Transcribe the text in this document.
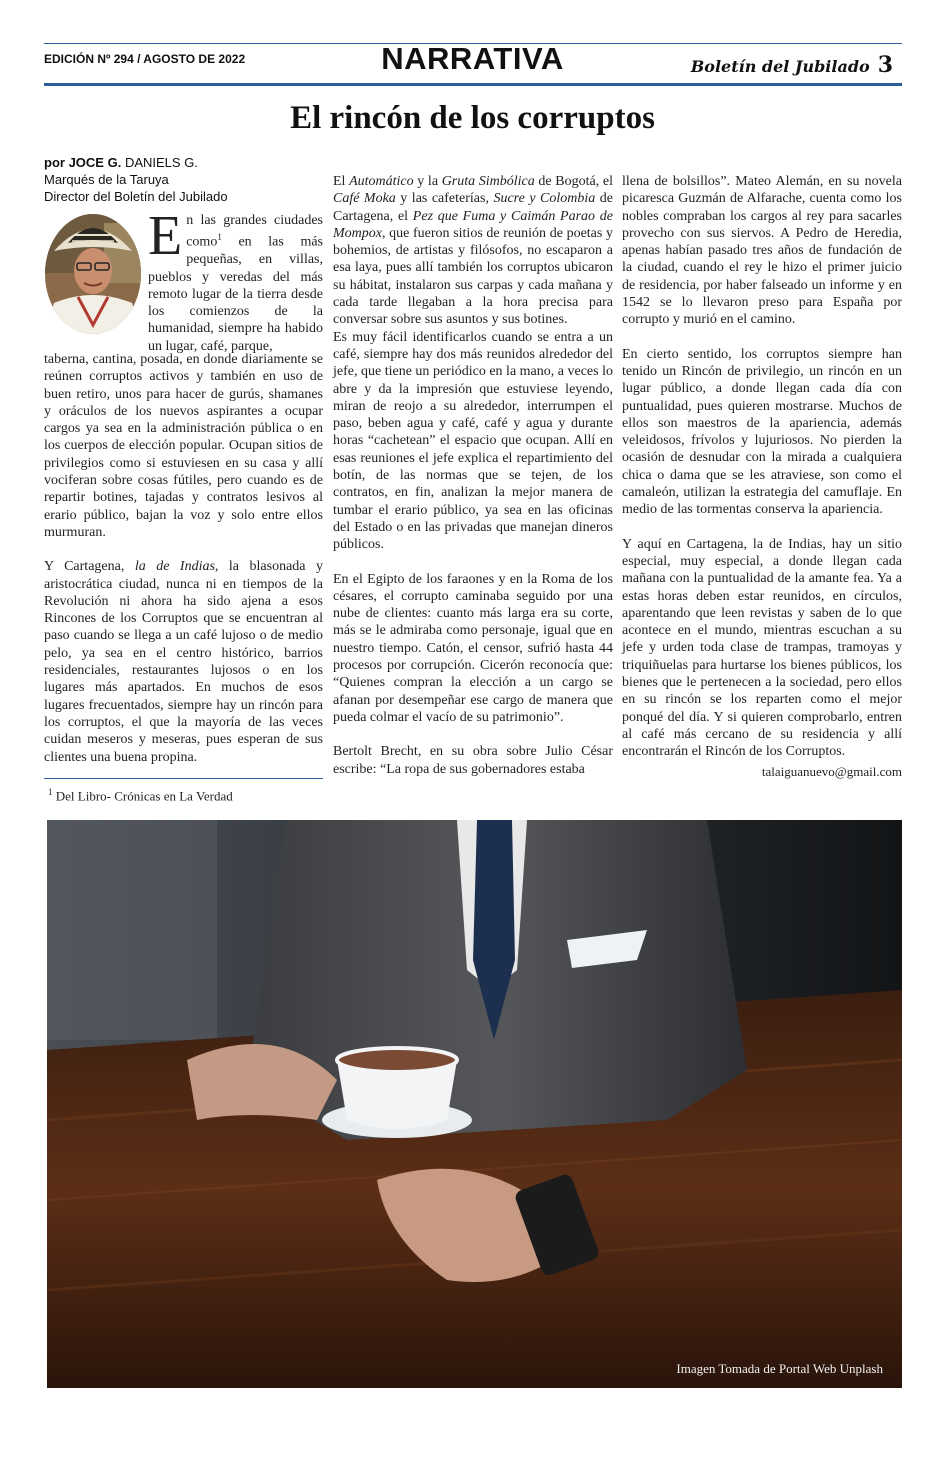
EDICIÓN Nº 294 / AGOSTO DE 2022	NARRATIVA	Boletín del Jubilado 3
El rincón de los corruptos
por JOCE G. DANIELS G.
Marqués de la Taruya
Director del Boletín del Jubilado

En las grandes ciudades como$^1$ en las más pequeñas, en villas, pueblos y veredas del más remoto lugar de la tierra desde los comienzos de la humanidad, siempre ha habido un lugar, café, parque,

taberna, cantina, posada, en donde diariamente se reúnen corruptos activos y también en uso de buen retiro, unos para hacer de gurús, shamanes y oráculos de los nuevos aspirantes a ocupar cargos ya sea en la administración pública o en los cuerpos de elección popular. Ocupan sitios de privilegios como si estuviesen en su casa y allí vociferan sobre cosas fútiles, pero cuando es de repartir botines, tajadas y contratos lesivos al erario público, bajan la voz y solo entre ellos murmuran.

Y Cartagena, la de Indias, la blasonada y aristocrática ciudad, nunca ni en tiempos de la Revolución ni ahora ha sido ajena a esos Rincones de los Corruptos que se encuentran al paso cuando se llega a un café lujoso o de medio pelo, ya sea en el centro histórico, barrios residenciales, restaurantes lujosos o en los lugares más apartados. En muchos de esos lugares frecuentados, siempre hay un rincón para los corruptos, el que la mayoría de las veces cuidan meseros y meseras, pues esperan de sus clientes una buena propina.

El Automático y la Gruta Simbólica de Bogotá, el Café Moka y las cafeterías, Sucre y Colombia de Cartagena, el Pez que Fuma y Caimán Parao de Mompox, que fueron sitios de reunión de poetas y bohemios, de artistas y filósofos, no escaparon a esa laya, pues allí también los corruptos ubicaron su hábitat, instalaron sus carpas y cada mañana y cada tarde llegaban a la hora precisa para conversar sobre sus asuntos y sus botines.

Es muy fácil identificarlos cuando se entra a un café, siempre hay dos más reunidos alrededor del jefe, que tiene un periódico en la mano, a veces lo abre y da la impresión que estuviese leyendo, miran de reojo a su alrededor, interrumpen el paso, beben agua y café, café y agua y durante horas “cachetean” el espacio que ocupan. Allí en esas reuniones el jefe explica el repartimiento del botín, de las normas que se tejen, de los contratos, en fin, analizan la mejor manera de tumbar el erario público, ya sea en las oficinas del Estado o en las privadas que manejan dineros públicos.

En el Egipto de los faraones y en la Roma de los césares, el corrupto caminaba seguido por una nube de clientes: cuanto más larga era su corte, más se le admiraba como personaje, igual que en nuestro tiempo. Catón, el censor, sufrió hasta 44 procesos por corrupción. Cicerón reconocía que: “Quienes compran la elección a un cargo se afanan por desempeñar ese cargo de manera que pueda colmar el vacío de su patrimonio”.

Bertolt Brecht, en su obra sobre Julio César escribe: “La ropa de sus gobernadores estaba

llena de bolsillos”. Mateo Alemán, en su novela picaresca Guzmán de Alfarache, cuenta como los nobles compraban los cargos al rey para sacarles provecho con sus siervos. A Pedro de Heredia, apenas habían pasado tres años de fundación de la ciudad, cuando el rey le hizo el primer juicio de residencia, por haber falseado un informe y en 1542 se lo llevaron preso para España por corrupto y murió en el camino.

En cierto sentido, los corruptos siempre han tenido un Rincón de privilegio, un rincón en un lugar público, a donde llegan cada día con puntualidad, pues quieren mostrarse. Muchos de ellos son maestros de la apariencia, además veleidosos, frívolos y lujuriosos. No pierden la ocasión de desnudar con la mirada a cualquiera chica o dama que se les atraviese, son como el camaleón, utilizan la estrategia del camuflaje. En medio de las tormentas conserva la apariencia.

Y aquí en Cartagena, la de Indias, hay un sitio especial, muy especial, a donde llegan cada mañana con la puntualidad de la amante fea. Ya a estas horas deben estar reunidos, en círculos, aparentando que leen revistas y saben de lo que acontece en el mundo, mientras escuchan a su jefe y urden toda clase de trampas, tramoyas y triquiñuelas para hurtarse los bienes públicos, los bienes que le pertenecen a la sociedad, pero ellos en su rincón se los reparten como el mejor ponqué del día. Y si quieren comprobarlo, entren al café más cercano de su residencia y allí encontrarán el Rincón de los Corruptos.

talaiguanuevo@gmail.com
$^1$ Del Libro- Crónicas en La Verdad
Imagen Tomada de Portal Web Unplash
